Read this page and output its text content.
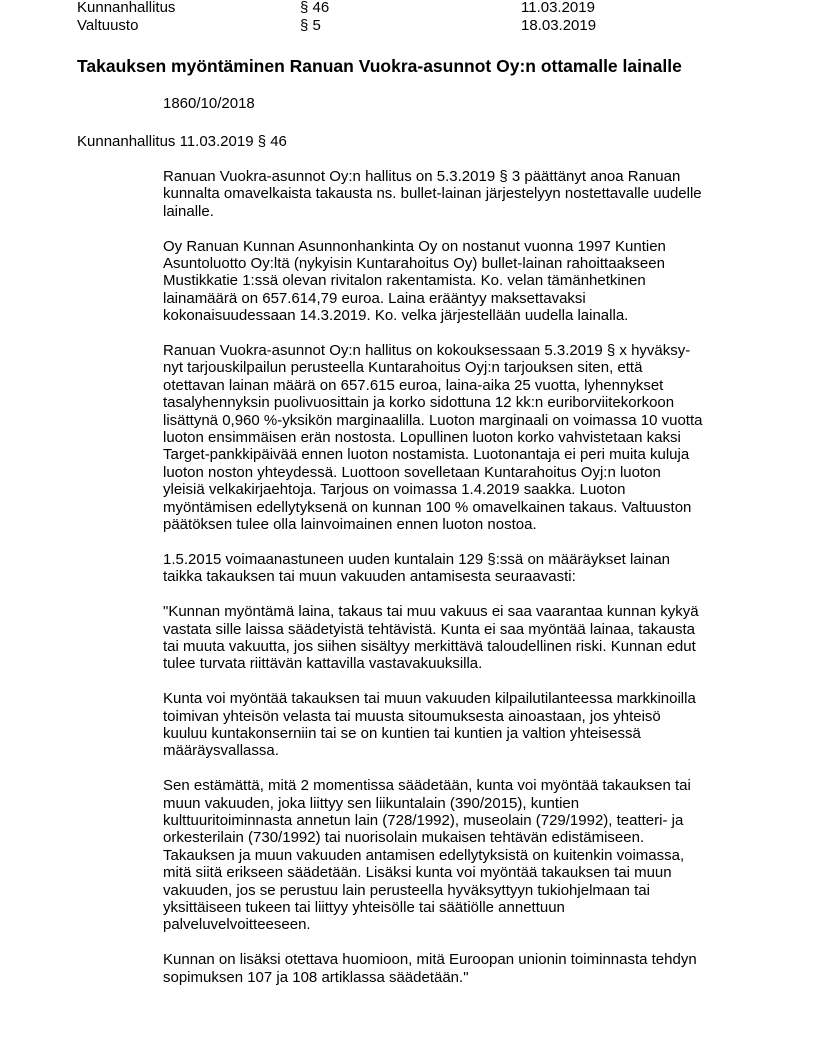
Kunnanhallitus	§ 46	11.03.2019
Valtuusto	§ 5	18.03.2019
Takauksen myöntäminen Ranuan Vuokra-asunnot Oy:n ottamalle lainalle
1860/10/2018
Kunnanhallitus 11.03.2019 § 46

Ranuan Vuokra-asunnot Oy:n hallitus on 5.3.2019 § 3 päättänyt anoa Ranuan
kunnalta omavelkaista takausta ns. bullet-lainan järjestelyyn nostettavalle uudelle
lainalle.

Oy Ranuan Kunnan Asunnonhankinta Oy on nostanut vuonna 1997 Kuntien
Asuntoluotto Oy:ltä (nykyisin Kuntarahoitus Oy) bullet-lainan rahoittaakseen
Mustikkatie 1:ssä olevan rivitalon rakentamista. Ko. velan tämänhetkinen
lainamäärä on 657.614,79 euroa. Laina erääntyy maksettavaksi
kokonaisuudessaan 14.3.2019. Ko. velka järjestellään uudella lainalla.

Ranuan Vuokra-asunnot Oy:n hallitus on kokouksessaan 5.3.2019 § x hyväksy-
nyt tarjouskilpailun perusteella Kuntarahoitus Oyj:n tarjouksen siten, että
otettavan lainan määrä on 657.615 euroa, laina-aika 25 vuotta, lyhennykset
tasalyhennyksin puolivuosittain ja korko sidottuna 12 kk:n euriborviitekorkoon
lisättynä 0,960 %-yksikön marginaalilla. Luoton marginaali on voimassa 10 vuotta
luoton ensimmäisen erän nostosta. Lopullinen luoton korko vahvistetaan kaksi
Target-pankkipäivää ennen luoton nostamista. Luotonantaja ei peri muita kuluja
luoton noston yhteydessä. Luottoon sovelletaan Kuntarahoitus Oyj:n luoton
yleisiä velkakirjaehtoja. Tarjous on voimassa 1.4.2019 saakka. Luoton
myöntämisen edellytyksenä on kunnan 100 % omavelkainen takaus. Valtuuston
päätöksen tulee olla lainvoimainen ennen luoton nostoa.

1.5.2015 voimaanastuneen uuden kuntalain 129 §:ssä on määräykset lainan
taikka takauksen tai muun vakuuden antamisesta seuraavasti:

"Kunnan myöntämä laina, takaus tai muu vakuus ei saa vaarantaa kunnan kykyä
vastata sille laissa säädetyistä tehtävistä. Kunta ei saa myöntää lainaa, takausta
tai muuta vakuutta, jos siihen sisältyy merkittävä taloudellinen riski. Kunnan edut
tulee turvata riittävän kattavilla vastavakuuksilla.

Kunta voi myöntää takauksen tai muun vakuuden kilpailutilanteessa markkinoilla
toimivan yhteisön velasta tai muusta sitoumuksesta ainoastaan, jos yhteisö
kuuluu kuntakonserniin tai se on kuntien tai kuntien ja valtion yhteisessä
määräysvallassa.

Sen estämättä, mitä 2 momentissa säädetään, kunta voi myöntää takauksen tai
muun vakuuden, joka liittyy sen liikuntalain (390/2015), kuntien
kulttuuritoiminnasta annetun lain (728/1992), museolain (729/1992), teatteri- ja
orkesterilain (730/1992) tai nuorisolain mukaisen tehtävän edistämiseen.
Takauksen ja muun vakuuden antamisen edellytyksistä on kuitenkin voimassa,
mitä siitä erikseen säädetään. Lisäksi kunta voi myöntää takauksen tai muun
vakuuden, jos se perustuu lain perusteella hyväksyttyyn tukiohjelmaan tai
yksittäiseen tukeen tai liittyy yhteisölle tai säätiölle annettuun
palveluvelvoitteeseen.

Kunnan on lisäksi otettava huomioon, mitä Euroopan unionin toiminnasta tehdyn
sopimuksen 107 ja 108 artiklassa säädetään."
